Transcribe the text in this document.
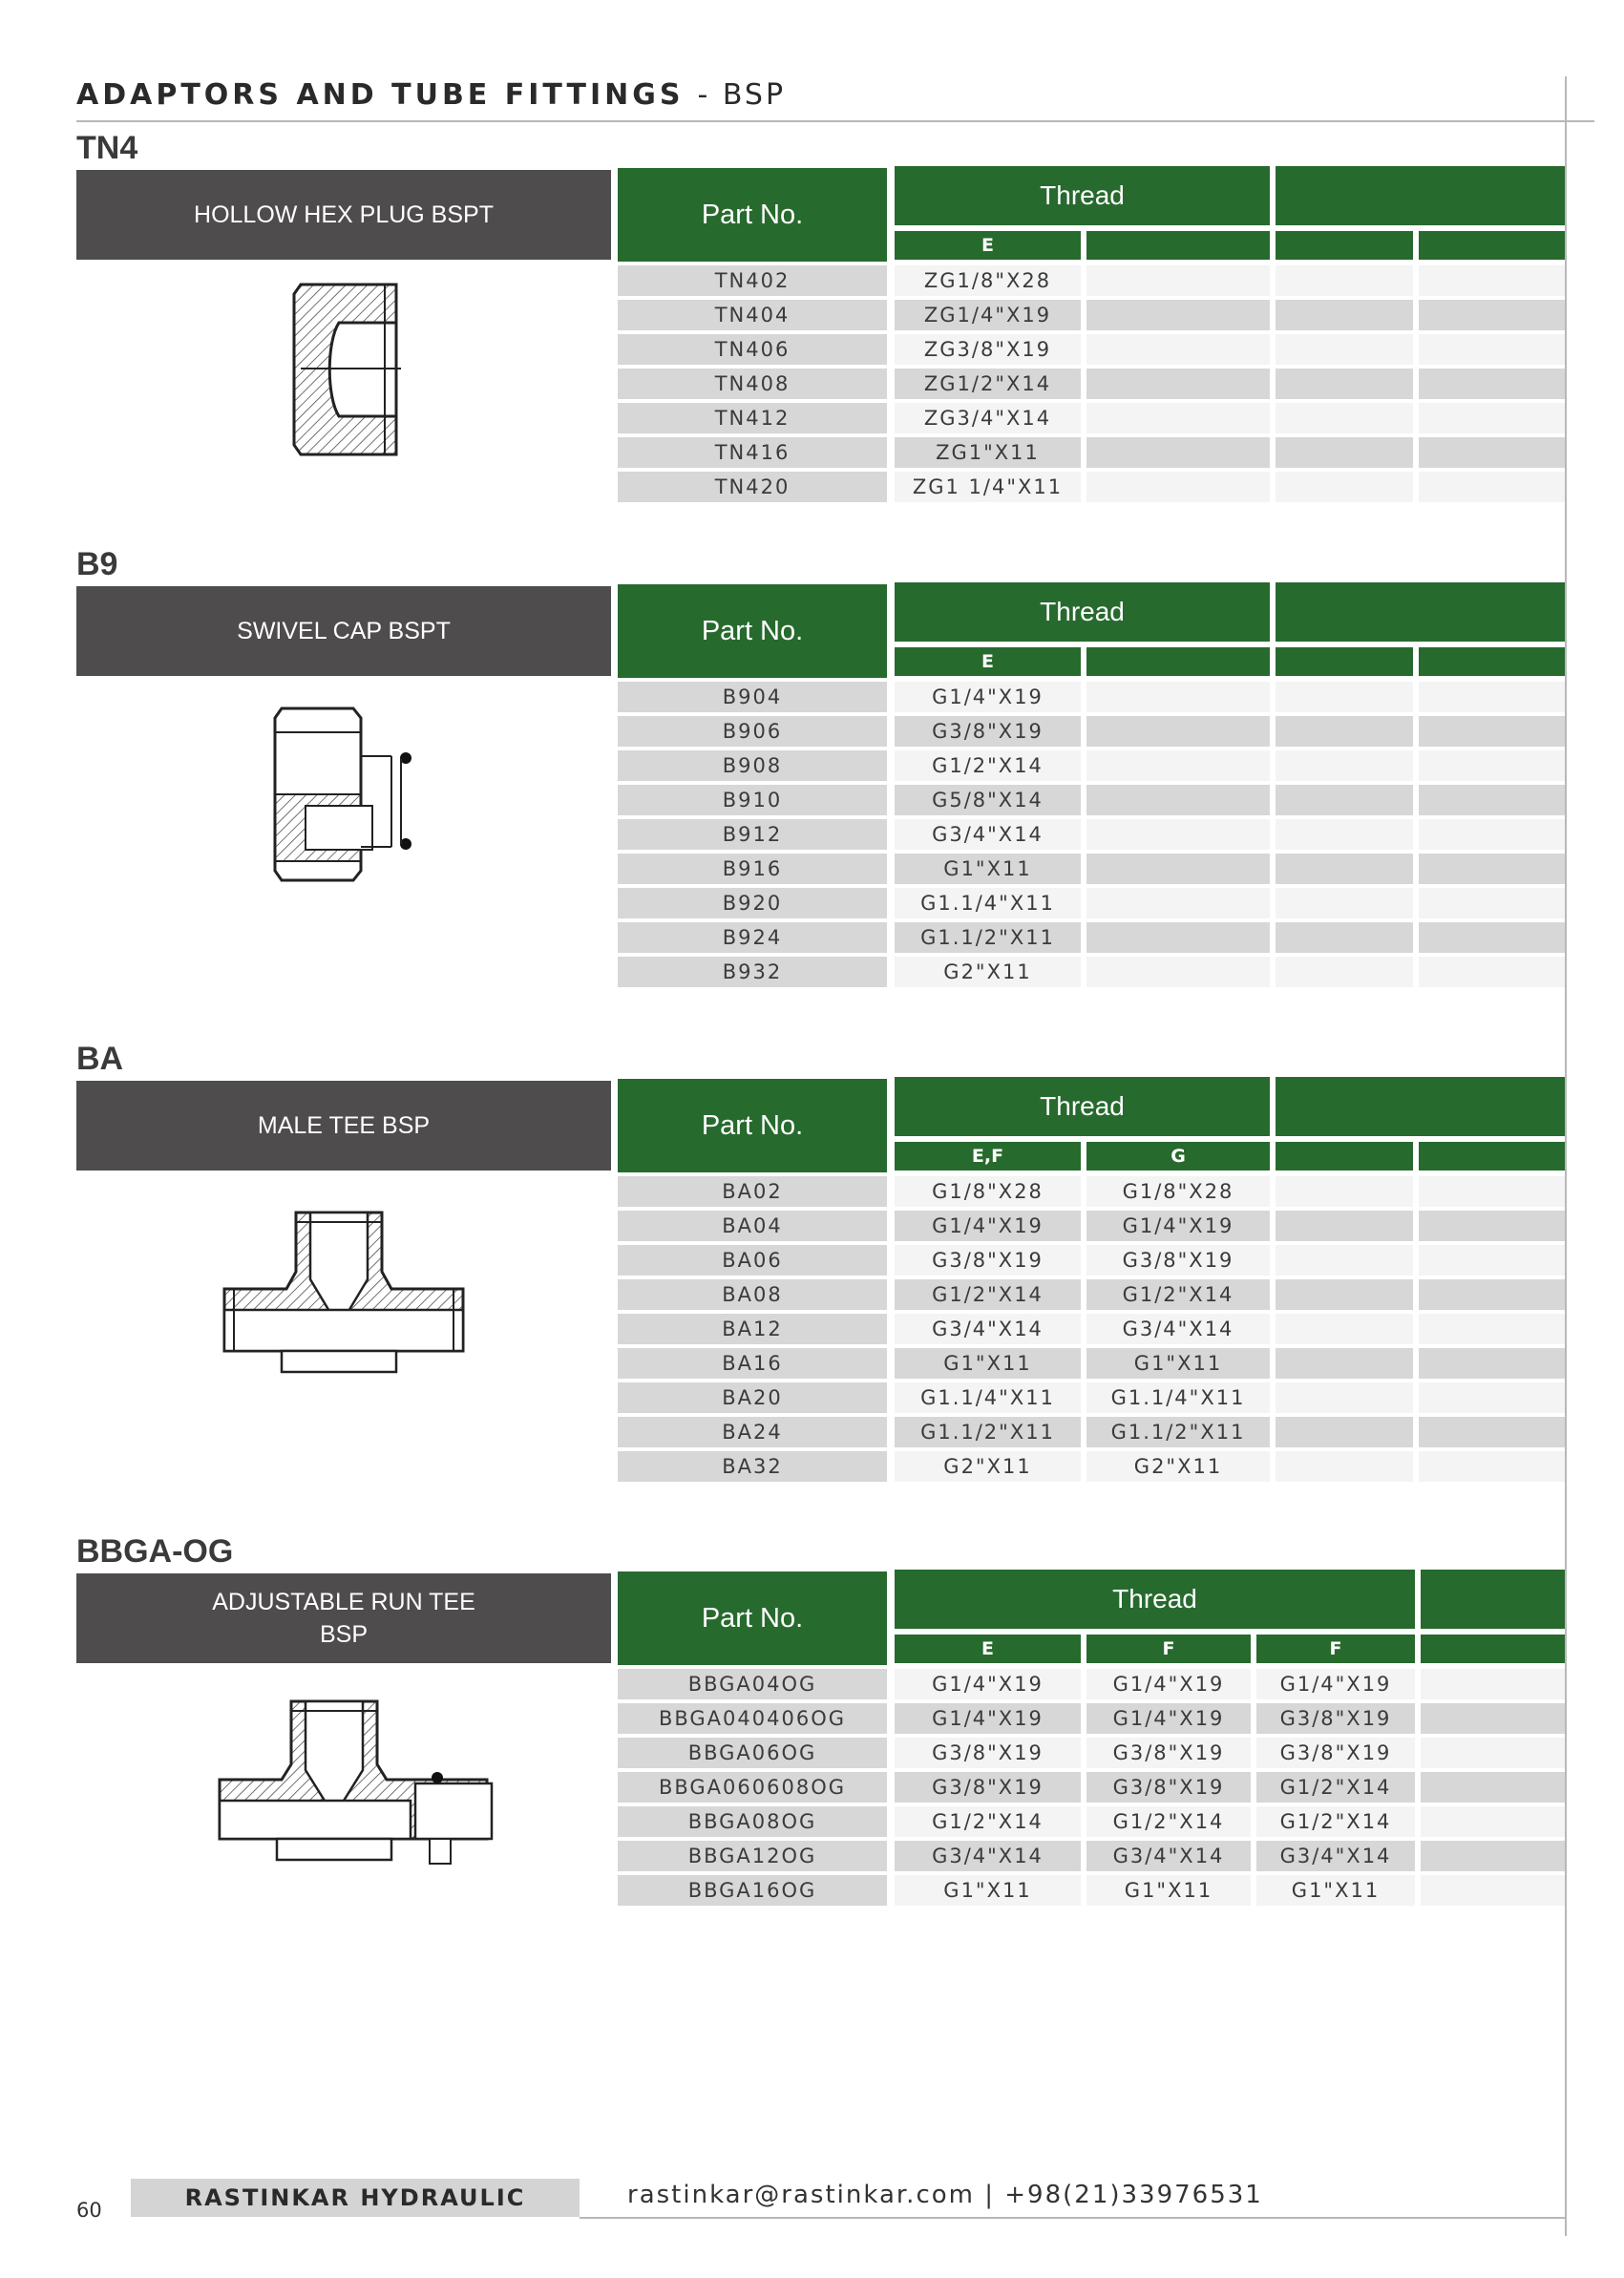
ADAPTORS AND TUBE FITTINGS - BSP
TN4
HOLLOW HEX PLUG BSPT	Part No.
Thread
E
TN402	ZG1/8"X28
TN404	ZG1/4"X19
TN406	ZG3/8"X19
TN408	ZG1/2"X14
TN412	ZG3/4"X14
TN416	ZG1"X11
TN420	ZG1 1/4"X11
B9
SWIVEL CAP BSPT	Part No.
Thread
E
B904	G1/4"X19
B906	G3/8"X19
B908	G1/2"X14
B910	G5/8"X14
B912	G3/4"X14
B916	G1"X11
B920	G1.1/4"X11
B924	G1.1/2"X11
B932	G2"X11
BA
MALE TEE BSP	Part No.
Thread
E,F	G
BA02	G1/8"X28	G1/8"X28
BA04	G1/4"X19	G1/4"X19
BA06	G3/8"X19	G3/8"X19
BA08	G1/2"X14	G1/2"X14
BA12	G3/4"X14	G3/4"X14
BA16	G1"X11	G1"X11
BA20	G1.1/4"X11	G1.1/4"X11
BA24	G1.1/2"X11	G1.1/2"X11
BA32	G2"X11	G2"X11
BBGA-OG
ADJUSTABLE RUN TEE
BSP
Part No.
Thread
E	F	F
BBGA04OG	G1/4"X19	G1/4"X19	G1/4"X19
BBGA040406OG	G1/4"X19	G1/4"X19	G3/8"X19
BBGA06OG	G3/8"X19	G3/8"X19	G3/8"X19
BBGA060608OG	G3/8"X19	G3/8"X19	G1/2"X14
BBGA08OG	G1/2"X14	G1/2"X14	G1/2"X14
BBGA12OG	G3/4"X14	G3/4"X14	G3/4"X14
BBGA16OG	G1"X11	G1"X11	G1"X11
60	RASTINKAR HYDRAULIC	rastinkar@rastinkar.com | +98(21)33976531
